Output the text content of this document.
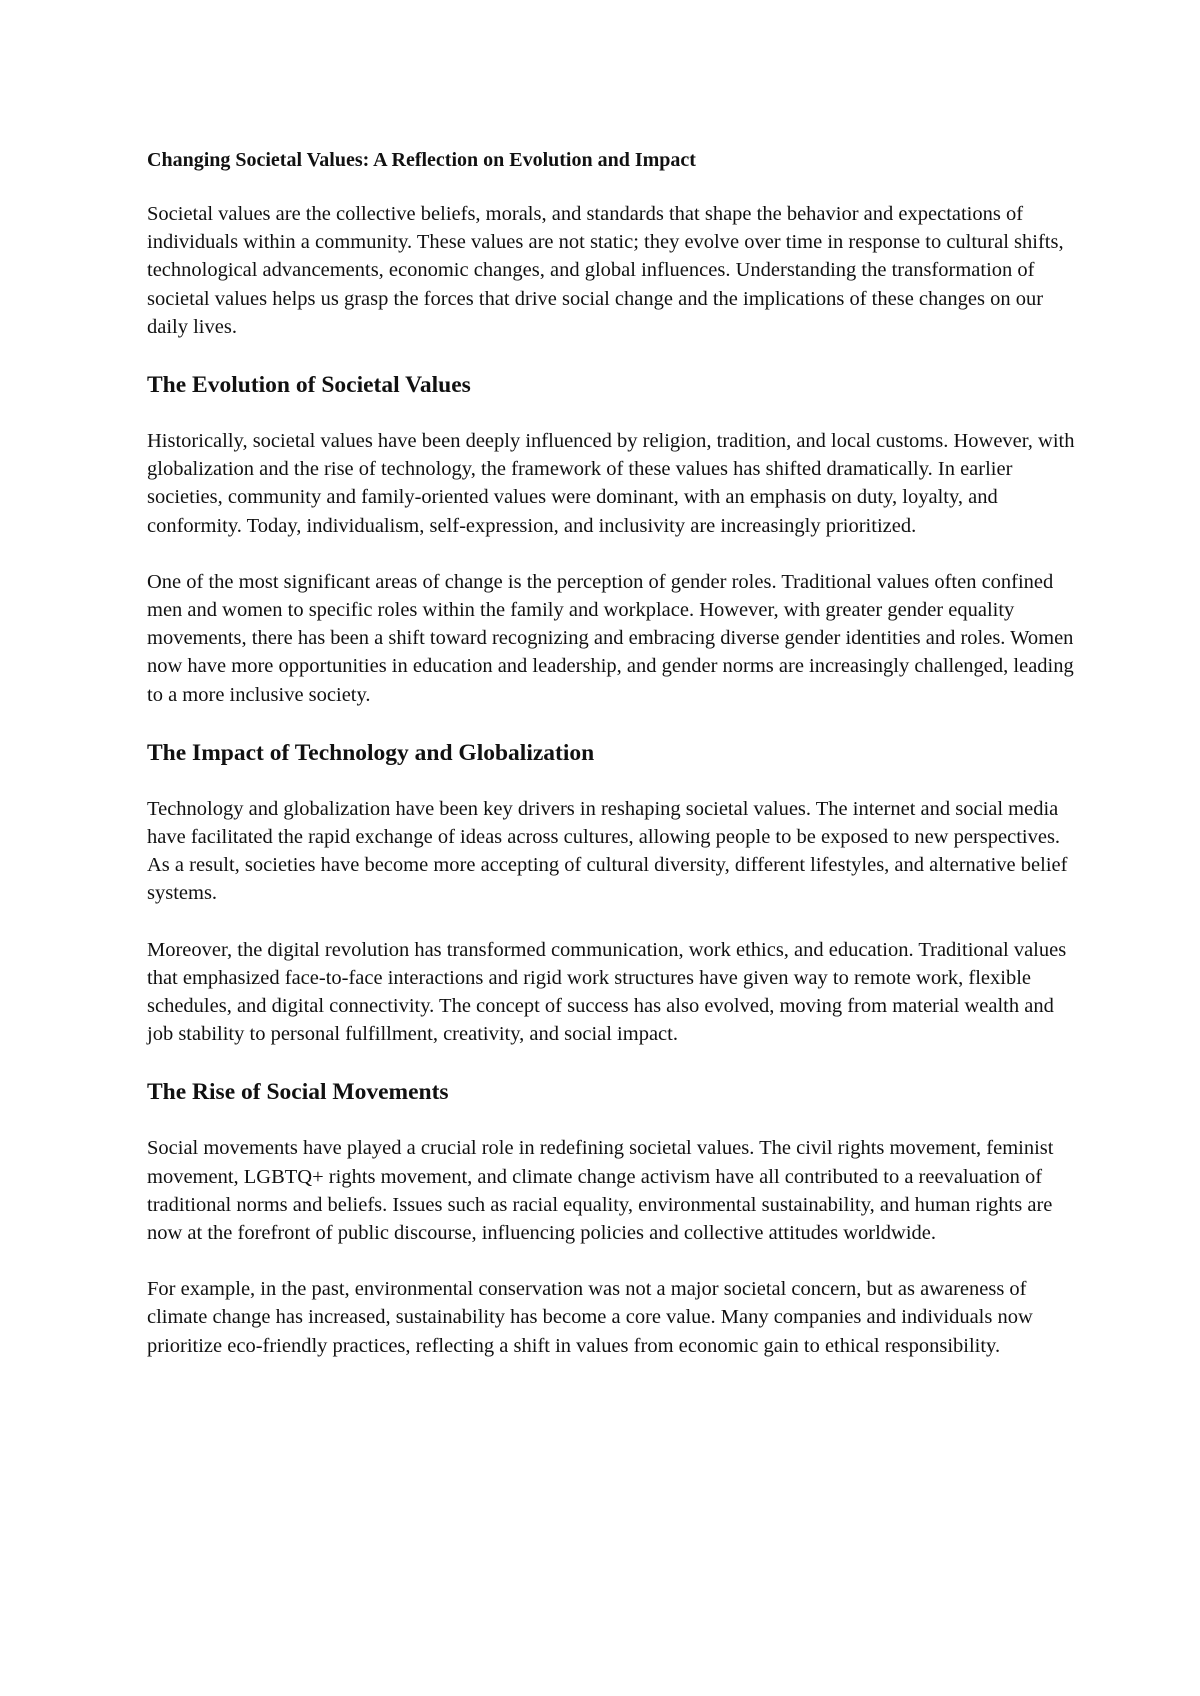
Changing Societal Values: A Reflection on Evolution and Impact

Societal values are the collective beliefs, morals, and standards that shape the behavior and expectations of individuals within a community. These values are not static; they evolve over time in response to cultural shifts, technological advancements, economic changes, and global influences. Understanding the transformation of societal values helps us grasp the forces that drive social change and the implications of these changes on our daily lives.

The Evolution of Societal Values

Historically, societal values have been deeply influenced by religion, tradition, and local customs. However, with globalization and the rise of technology, the framework of these values has shifted dramatically. In earlier societies, community and family-oriented values were dominant, with an emphasis on duty, loyalty, and conformity. Today, individualism, self-expression, and inclusivity are increasingly prioritized.

One of the most significant areas of change is the perception of gender roles. Traditional values often confined men and women to specific roles within the family and workplace. However, with greater gender equality movements, there has been a shift toward recognizing and embracing diverse gender identities and roles. Women now have more opportunities in education and leadership, and gender norms are increasingly challenged, leading to a more inclusive society.

The Impact of Technology and Globalization

Technology and globalization have been key drivers in reshaping societal values. The internet and social media have facilitated the rapid exchange of ideas across cultures, allowing people to be exposed to new perspectives. As a result, societies have become more accepting of cultural diversity, different lifestyles, and alternative belief systems.

Moreover, the digital revolution has transformed communication, work ethics, and education. Traditional values that emphasized face-to-face interactions and rigid work structures have given way to remote work, flexible schedules, and digital connectivity. The concept of success has also evolved, moving from material wealth and job stability to personal fulfillment, creativity, and social impact.

The Rise of Social Movements

Social movements have played a crucial role in redefining societal values. The civil rights movement, feminist movement, LGBTQ+ rights movement, and climate change activism have all contributed to a reevaluation of traditional norms and beliefs. Issues such as racial equality, environmental sustainability, and human rights are now at the forefront of public discourse, influencing policies and collective attitudes worldwide.

For example, in the past, environmental conservation was not a major societal concern, but as awareness of climate change has increased, sustainability has become a core value. Many companies and individuals now prioritize eco-friendly practices, reflecting a shift in values from economic gain to ethical responsibility.
